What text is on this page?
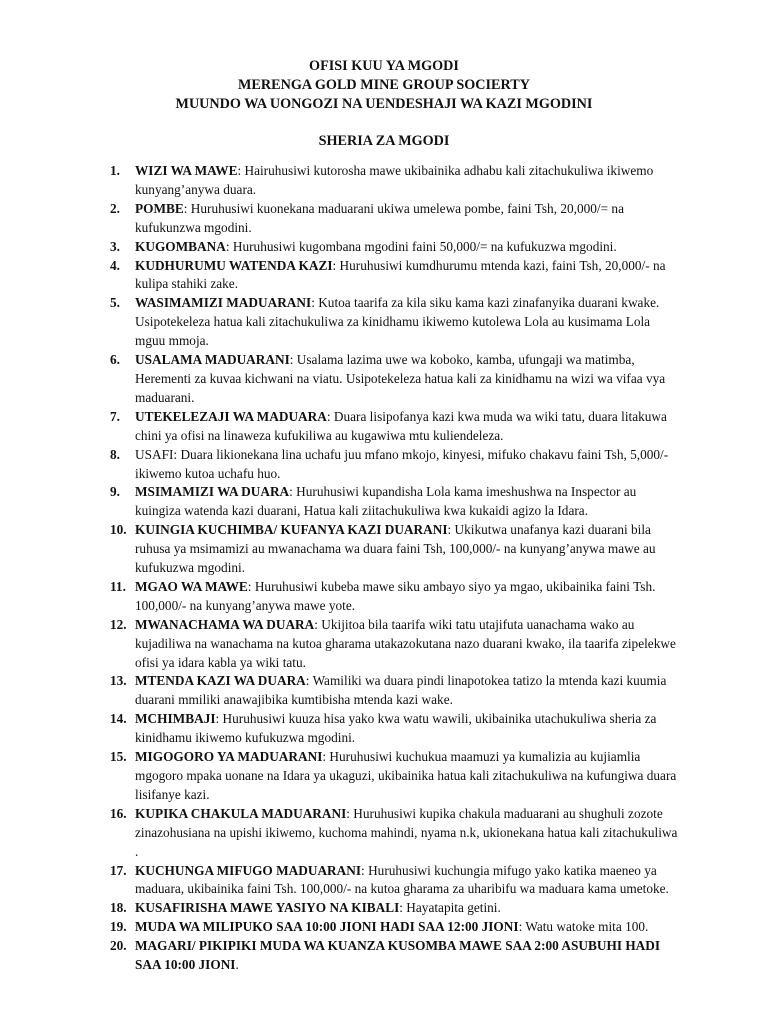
OFISI KUU YA MGODI
MERENGA GOLD MINE GROUP SOCIERTY
MUUNDO WA UONGOZI NA UENDESHAJI WA KAZI MGODINI
SHERIA ZA MGODI
1. WIZI WA MAWE: Hairuhusiwi kutorosha mawe ukibainika adhabu kali zitachukuliwa ikiwemo kunyang’anywa duara.
2. POMBE: Huruhusiwi kuonekana maduarani ukiwa umelewa pombe, faini Tsh, 20,000/= na kufukunzwa mgodini.
3. KUGOMBANA: Huruhusiwi kugombana mgodini faini 50,000/= na kufukuzwa mgodini.
4. KUDHURUMU WATENDA KAZI: Huruhusiwi kumdhurumu mtenda kazi, faini Tsh, 20,000/- na kulipa stahiki zake.
5. WASIMAMIZI MADUARANI: Kutoa taarifa za kila siku kama kazi zinafanyika duarani kwake. Usipotekeleza hatua kali zitachukuliwa za kinidhamu ikiwemo kutolewa Lola au kusimama Lola mguu mmoja.
6. USALAMA MADUARANI: Usalama lazima uwe wa koboko, kamba, ufungaji wa matimba, Herementi za kuvaa kichwani na viatu. Usipotekeleza hatua kali za kinidhamu na wizi wa vifaa vya maduarani.
7. UTEKELEZAJI WA MADUARA: Duara lisipofanya kazi kwa muda wa wiki tatu, duara litakuwa chini ya ofisi na linaweza kufukiliwa au kugawiwa mtu kuliendeleza.
8. USAFI: Duara likionekana lina uchafu juu mfano mkojo, kinyesi, mifuko chakavu faini Tsh, 5,000/- ikiwemo kutoa uchafu huo.
9. MSIMAMIZI WA DUARA: Huruhusiwi kupandisha Lola kama imeshushwa na Inspector au kuingiza watenda kazi duarani, Hatua kali ziitachukuliwa kwa kukaidi agizo la Idara.
10. KUINGIA KUCHIMBA/ KUFANYA KAZI DUARANI: Ukikutwa unafanya kazi duarani bila ruhusa ya msimamizi au mwanachama wa duara faini Tsh, 100,000/- na kunyang’anywa mawe au kufukuzwa mgodini.
11. MGAO WA MAWE: Huruhusiwi kubeba mawe siku ambayo siyo ya mgao, ukibainika faini Tsh. 100,000/- na kunyang’anywa mawe yote.
12. MWANACHAMA WA DUARA: Ukijitoa bila taarifa wiki tatu utajifuta uanachama wako au kujadiliwa na wanachama na kutoa gharama utakazokutana nazo duarani kwako, ila taarifa zipelekwe ofisi ya idara kabla ya wiki tatu.
13. MTENDA KAZI WA DUARA: Wamiliki wa duara pindi linapotokea tatizo la mtenda kazi kuumia duarani mmiliki anawajibika kumtibisha mtenda kazi wake.
14. MCHIMBAJI: Huruhusiwi kuuza hisa yako kwa watu wawili, ukibainika utachukuliwa sheria za kinidhamu ikiwemo kufukuzwa mgodini.
15. MIGOGORO YA MADUARANI: Huruhusiwi kuchukua maamuzi ya kumalizia au kujiamlia mgogoro mpaka uonane na Idara ya ukaguzi, ukibainika hatua kali zitachukuliwa na kufungiwa duara lisifanye kazi.
16. KUPIKA CHAKULA MADUARANI: Huruhusiwi kupika chakula maduarani au shughuli zozote zinazohusiana na upishi ikiwemo, kuchoma mahindi, nyama n.k, ukionekana hatua kali zitachukuliwa .
17. KUCHUNGA MIFUGO MADUARANI: Huruhusiwi kuchungia mifugo yako katika maeneo ya maduara, ukibainika faini Tsh. 100,000/- na kutoa gharama za uharibifu wa maduara kama umetoke.
18. KUSAFIRISHA MAWE YASIYO NA KIBALI: Hayatapita getini.
19. MUDA WA MILIPUKO SAA 10:00 JIONI HADI SAA 12:00 JIONI: Watu watoke mita 100.
20. MAGARI/ PIKIPIKI MUDA WA KUANZA KUSOMBA MAWE SAA 2:00 ASUBUHI HADI SAA 10:00 JIONI.
